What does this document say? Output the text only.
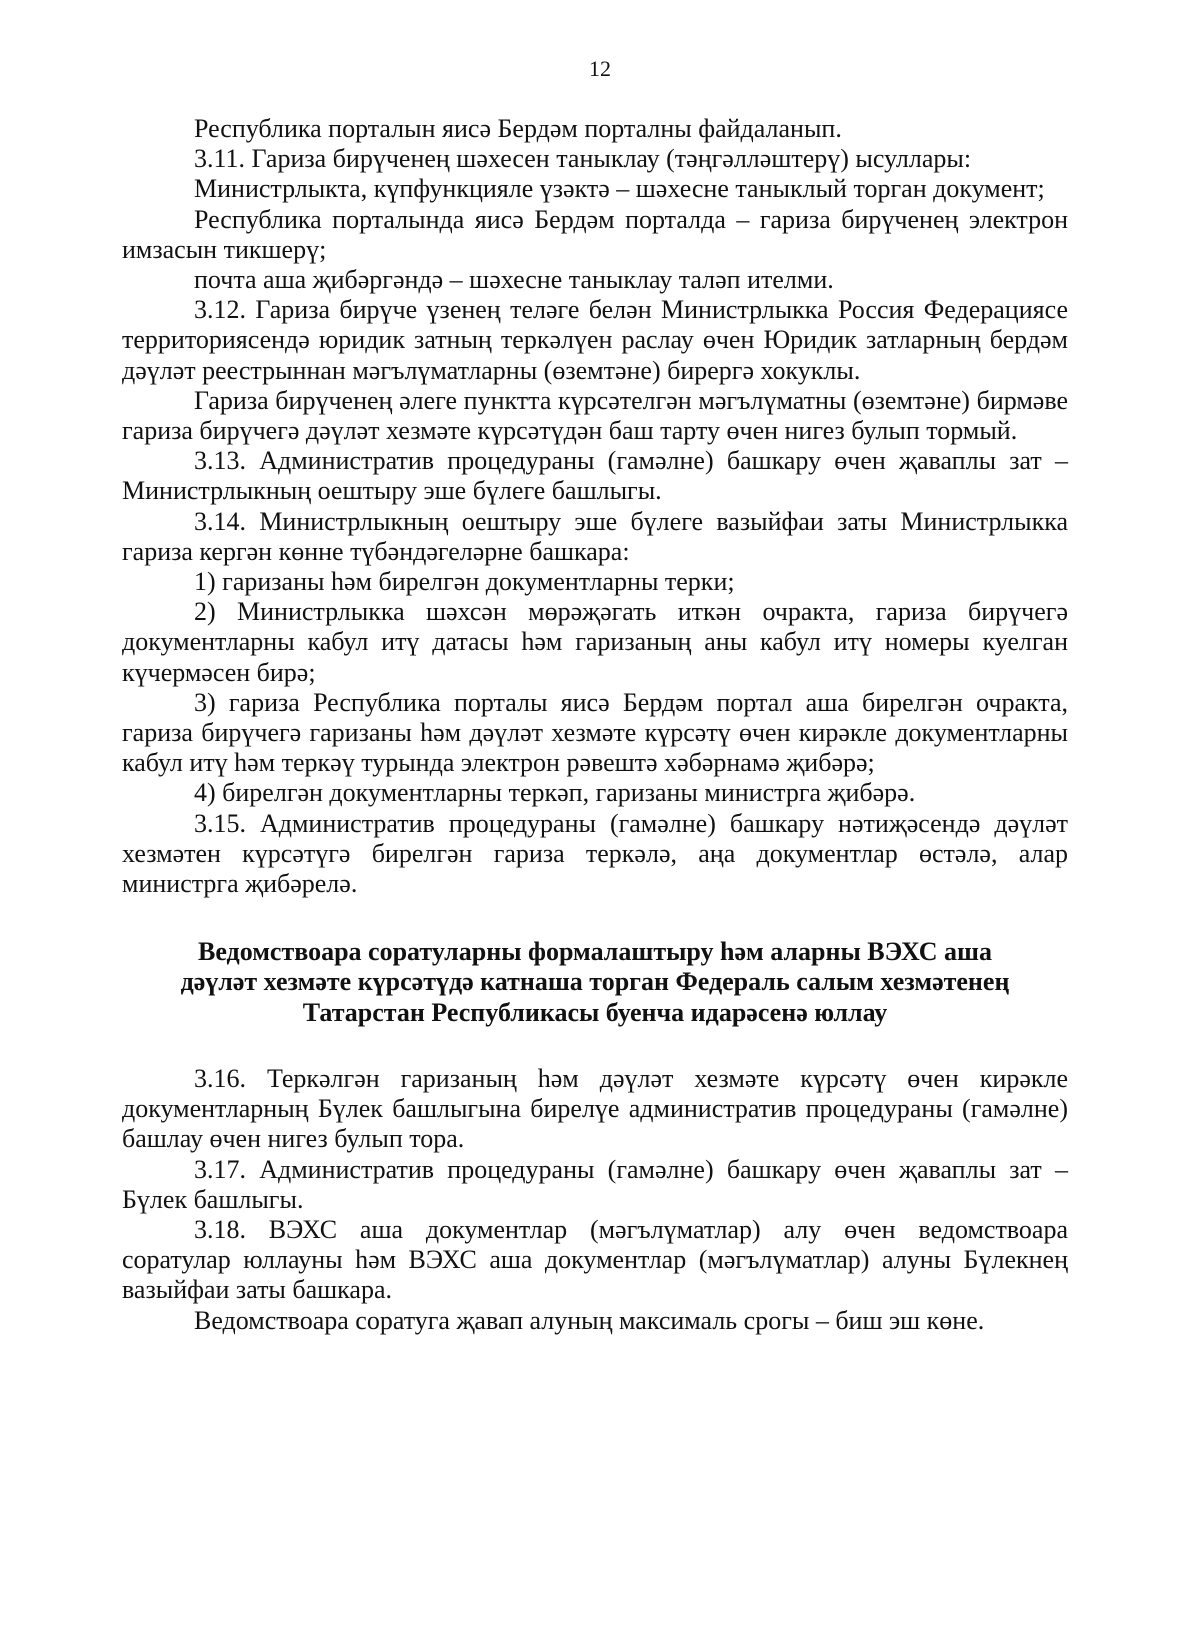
12

Республика порталын яисә Бердәм порталны файдаланып.

3.11. Гариза бирүченең шәхесен таныклау (тәңгәлләштерү) ысуллары:

Министрлыкта, күпфункцияле үзәктә – шәхесне таныклый торган документ;

Республика порталында яисә Бердәм порталда – гариза бирүченең электрон имзасын тикшерү;

почта аша җибәргәндә – шәхесне таныклау таләп ителми.

3.12. Гариза бирүче үзенең теләге белән Министрлыкка Россия Федерациясе территориясендә юридик затның теркәлүен раслау өчен Юридик затларның бердәм дәүләт реестрыннан мәгълүматларны (өземтәне) бирергә хокуклы.

Гариза бирүченең әлеге пунктта күрсәтелгән мәгълүматны (өземтәне) бирмәве гариза бирүчегә дәүләт хезмәте күрсәтүдән баш тарту өчен нигез булып тормый.

3.13. Административ процедураны (гамәлне) башкару өчен җаваплы зат – Министрлыкның оештыру эше бүлеге башлыгы.

3.14. Министрлыкның оештыру эше бүлеге вазыйфаи заты Министрлыкка гариза кергән көнне түбәндәгеләрне башкара:

1) гаризаны һәм бирелгән документларны терки;

2) Министрлыкка шәхсән мөрәҗәгать иткән очракта, гариза бирүчегә документларны кабул итү датасы һәм гаризаның аны кабул итү номеры куелган күчермәсен бирә;

3) гариза Республика порталы яисә Бердәм портал аша бирелгән очракта, гариза бирүчегә гаризаны һәм дәүләт хезмәте күрсәтү өчен кирәкле документларны кабул итү һәм теркәү турында электрон рәвештә хәбәрнамә җибәрә;

4) бирелгән документларны теркәп, гаризаны министрга җибәрә.

3.15. Административ процедураны (гамәлне) башкару нәтиҗәсендә дәүләт хезмәтен күрсәтүгә бирелгән гариза теркәлә, аңа документлар өстәлә, алар министрга җибәрелә.

Ведомствоара соратуларны формалаштыру һәм аларны ВЭХС аша
дәүләт хезмәте күрсәтүдә катнаша торган Федераль салым хезмәтенең
Татарстан Республикасы буенча идарәсенә юллау

3.16. Теркәлгән гаризаның һәм дәүләт хезмәте күрсәтү өчен кирәкле документларның Бүлек башлыгына бирелүе административ процедураны (гамәлне) башлау өчен нигез булып тора.

3.17. Административ процедураны (гамәлне) башкару өчен җаваплы зат – Бүлек башлыгы.

3.18. ВЭХС аша документлар (мәгълүматлар) алу өчен ведомствоара соратулар юллауны һәм ВЭХС аша документлар (мәгълүматлар) алуны Бүлекнең вазыйфаи заты башкара.

Ведомствоара соратуга җавап алуның максималь срогы – биш эш көне.
